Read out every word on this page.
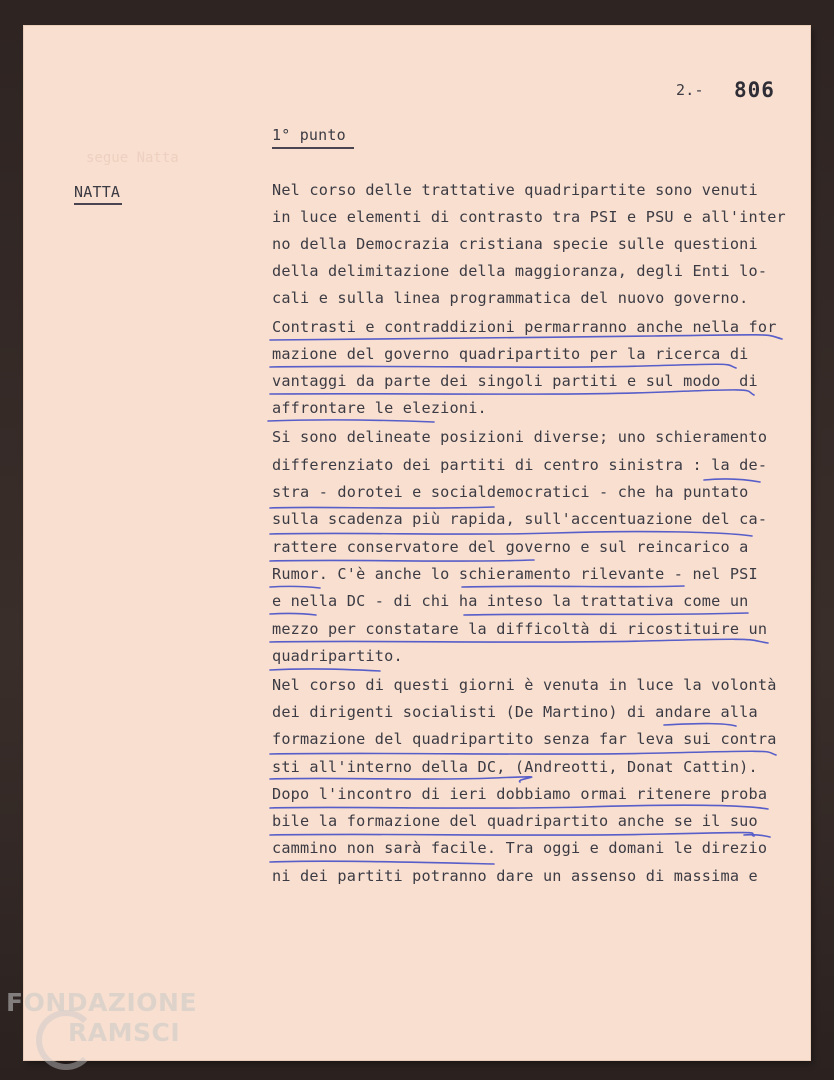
segue Natta

2.- 806
1° punto
NATTA	Nel corso delle trattative quadripartite sono venuti
in luce elementi di contrasto tra PSI e PSU e all'inter
no della Democrazia cristiana specie sulle questioni
della delimitazione della maggioranza, degli Enti lo-
cali e sulla linea programmatica del nuovo governo.
Contrasti e contraddizioni permarranno anche nella for
mazione del governo quadripartito per la ricerca di
vantaggi da parte dei singoli partiti e sul modo  di
affrontare le elezioni.
Si sono delineate posizioni diverse; uno schieramento
differenziato dei partiti di centro sinistra : la de-
stra - dorotei e socialdemocratici - che ha puntato
sulla scadenza più rapida, sull'accentuazione del ca-
rattere conservatore del governo e sul reincarico a
Rumor. C'è anche lo schieramento rilevante - nel PSI
e nella DC - di chi ha inteso la trattativa come un
mezzo per constatare la difficoltà di ricostituire un
quadripartito.
Nel corso di questi giorni è venuta in luce la volontà
dei dirigenti socialisti (De Martino) di andare alla
formazione del quadripartito senza far leva sui contra
sti all'interno della DC, (Andreotti, Donat Cattin).
Dopo l'incontro di ieri dobbiamo ormai ritenere proba
bile la formazione del quadripartito anche se il suo
cammino non sarà facile. Tra oggi e domani le direzio
ni dei partiti potranno dare un assenso di massima e
FONDAZIONE
RAMSCI
